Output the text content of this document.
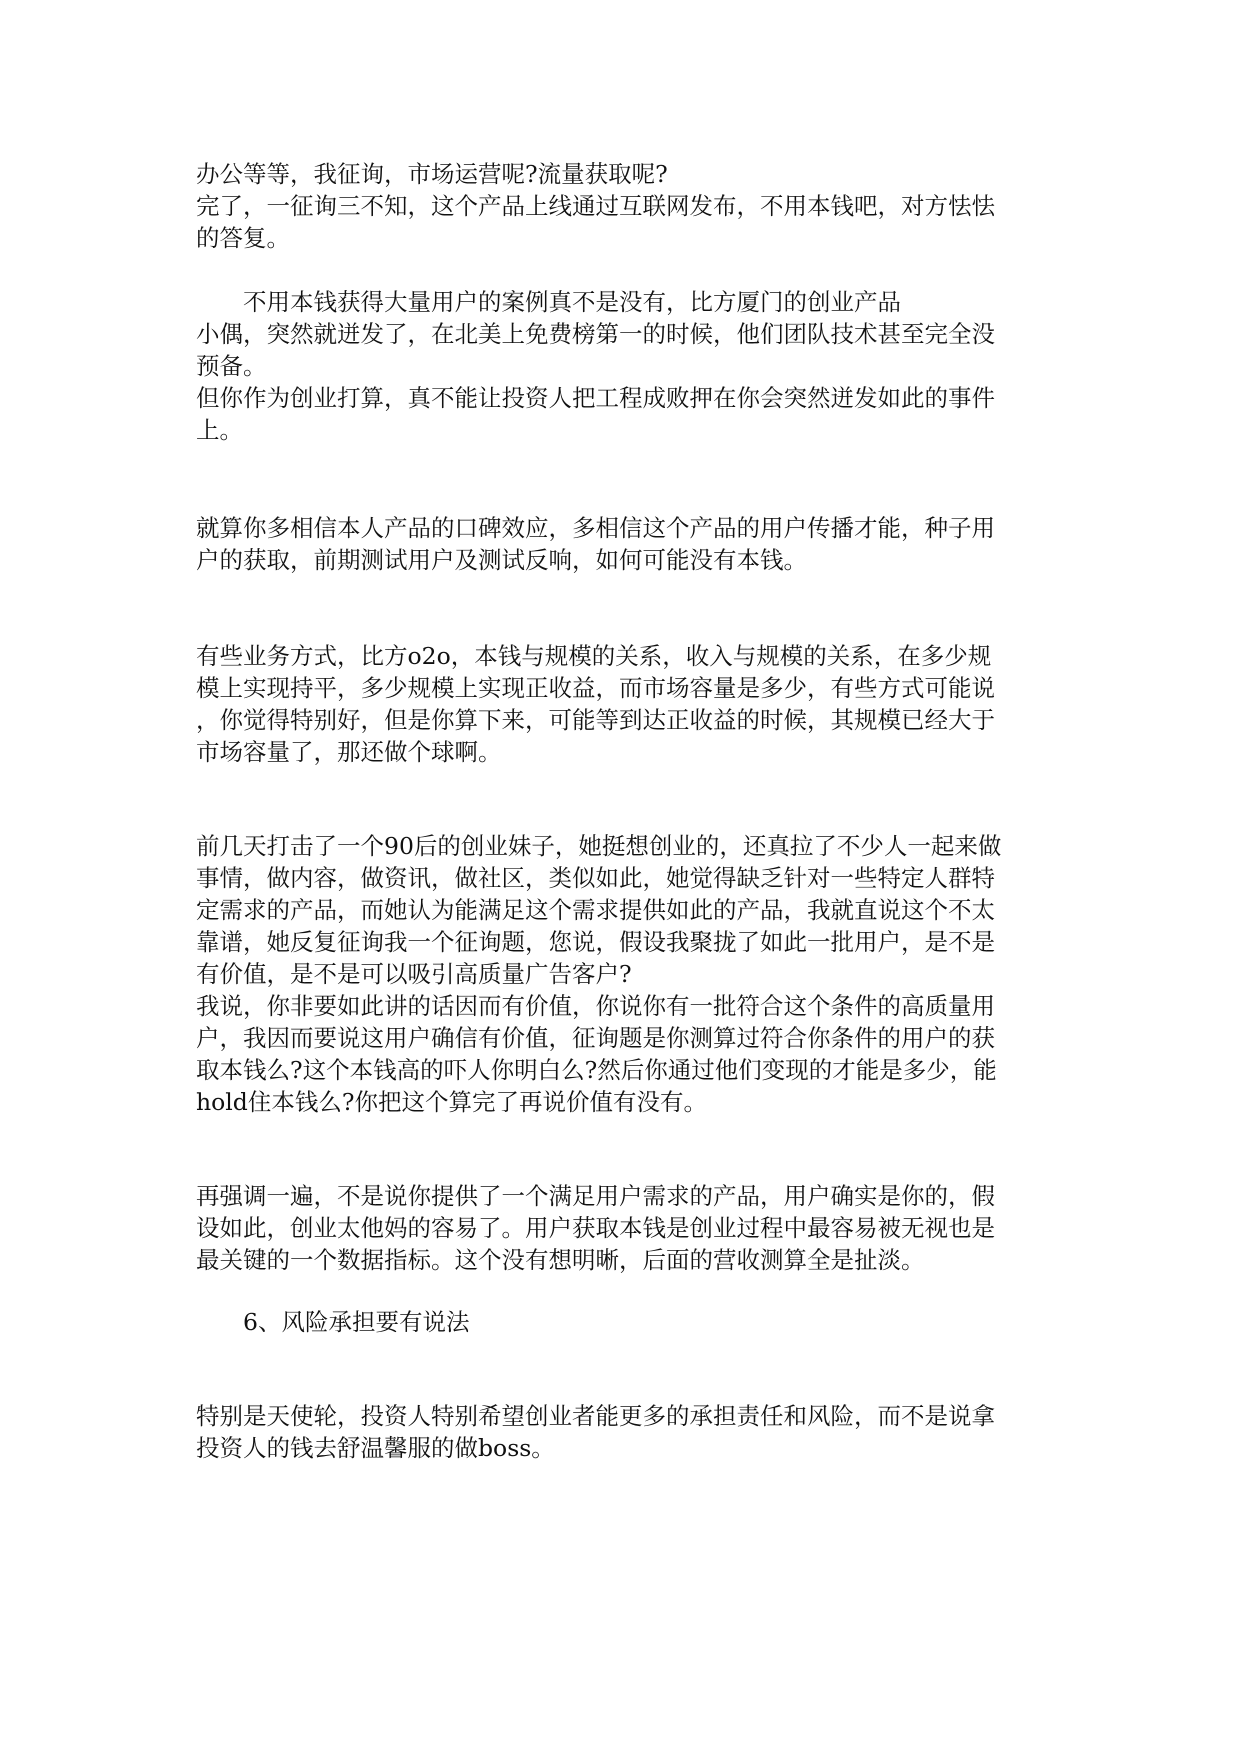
办公等等，我征询，市场运营呢?流量获取呢?
完了，一征询三不知，这个产品上线通过互联网发布，不用本钱吧，对方怯怯
的答复。
不用本钱获得大量用户的案例真不是没有，比方厦门的创业产品
小偶，突然就迸发了，在北美上免费榜第一的时候，他们团队技术甚至完全没
预备。
但你作为创业打算，真不能让投资人把工程成败押在你会突然迸发如此的事件
上。
就算你多相信本人产品的口碑效应，多相信这个产品的用户传播才能，种子用
户的获取，前期测试用户及测试反响，如何可能没有本钱。
有些业务方式，比方o2o，本钱与规模的关系，收入与规模的关系，在多少规
模上实现持平，多少规模上实现正收益，而市场容量是多少，有些方式可能说
，你觉得特别好，但是你算下来，可能等到达正收益的时候，其规模已经大于
市场容量了，那还做个球啊。
前几天打击了一个90后的创业妹子，她挺想创业的，还真拉了不少人一起来做
事情，做内容，做资讯，做社区，类似如此，她觉得缺乏针对一些特定人群特
定需求的产品，而她认为能满足这个需求提供如此的产品，我就直说这个不太
靠谱，她反复征询我一个征询题，您说，假设我聚拢了如此一批用户，是不是
有价值，是不是可以吸引高质量广告客户?
我说，你非要如此讲的话因而有价值，你说你有一批符合这个条件的高质量用
户，我因而要说这用户确信有价值，征询题是你测算过符合你条件的用户的获
取本钱么?这个本钱高的吓人你明白么?然后你通过他们变现的才能是多少，能
hold住本钱么?你把这个算完了再说价值有没有。
再强调一遍，不是说你提供了一个满足用户需求的产品，用户确实是你的，假
设如此，创业太他妈的容易了。用户获取本钱是创业过程中最容易被无视也是
最关键的一个数据指标。这个没有想明晰，后面的营收测算全是扯淡。
6、风险承担要有说法
特别是天使轮，投资人特别希望创业者能更多的承担责任和风险，而不是说拿
投资人的钱去舒温馨服的做boss。
